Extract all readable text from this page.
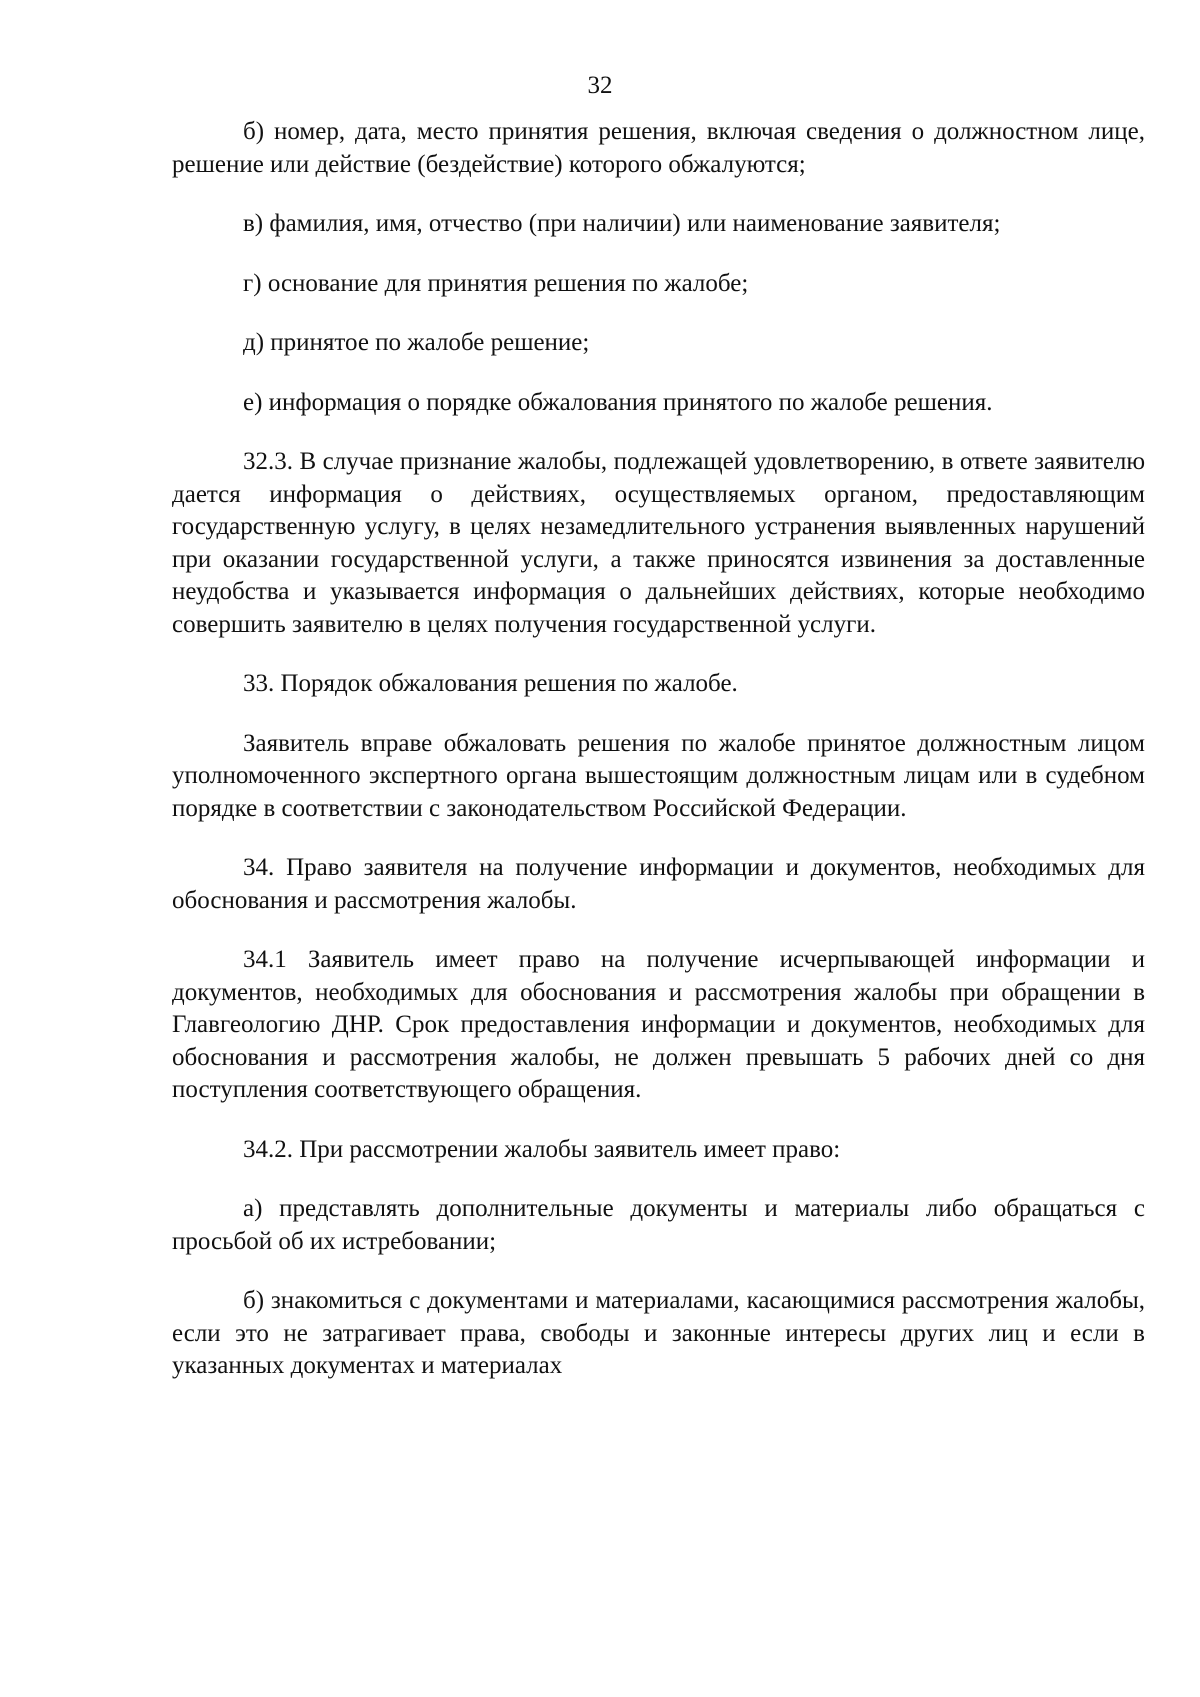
32

б) номер, дата, место принятия решения, включая сведения о должностном лице, решение или действие (бездействие) которого обжалуются;

в) фамилия, имя, отчество (при наличии) или наименование заявителя;

г) основание для принятия решения по жалобе;

д) принятое по жалобе решение;

е) информация о порядке обжалования принятого по жалобе решения.

32.3. В случае признание жалобы, подлежащей удовлетворению, в ответе заявителю дается информация о действиях, осуществляемых органом, предоставляющим государственную услугу, в целях незамедлительного устранения выявленных нарушений при оказании государственной услуги, а также приносятся извинения за доставленные неудобства и указывается информация о дальнейших действиях, которые необходимо совершить заявителю в целях получения государственной услуги.

33. Порядок обжалования решения по жалобе.

Заявитель вправе обжаловать решения по жалобе принятое должностным лицом уполномоченного экспертного органа вышестоящим должностным лицам или в судебном порядке в соответствии с законодательством Российской Федерации.

34. Право заявителя на получение информации и документов, необходимых для обоснования и рассмотрения жалобы.

34.1 Заявитель имеет право на получение исчерпывающей информации и документов, необходимых для обоснования и рассмотрения жалобы при обращении в Главгеологию ДНР. Срок предоставления информации и документов, необходимых для обоснования и рассмотрения жалобы, не должен превышать 5 рабочих дней со дня поступления соответствующего обращения.

34.2. При рассмотрении жалобы заявитель имеет право:

а) представлять дополнительные документы и материалы либо обращаться с просьбой об их истребовании;

б) знакомиться с документами и материалами, касающимися рассмотрения жалобы, если это не затрагивает права, свободы и законные интересы других лиц и если в указанных документах и материалах
